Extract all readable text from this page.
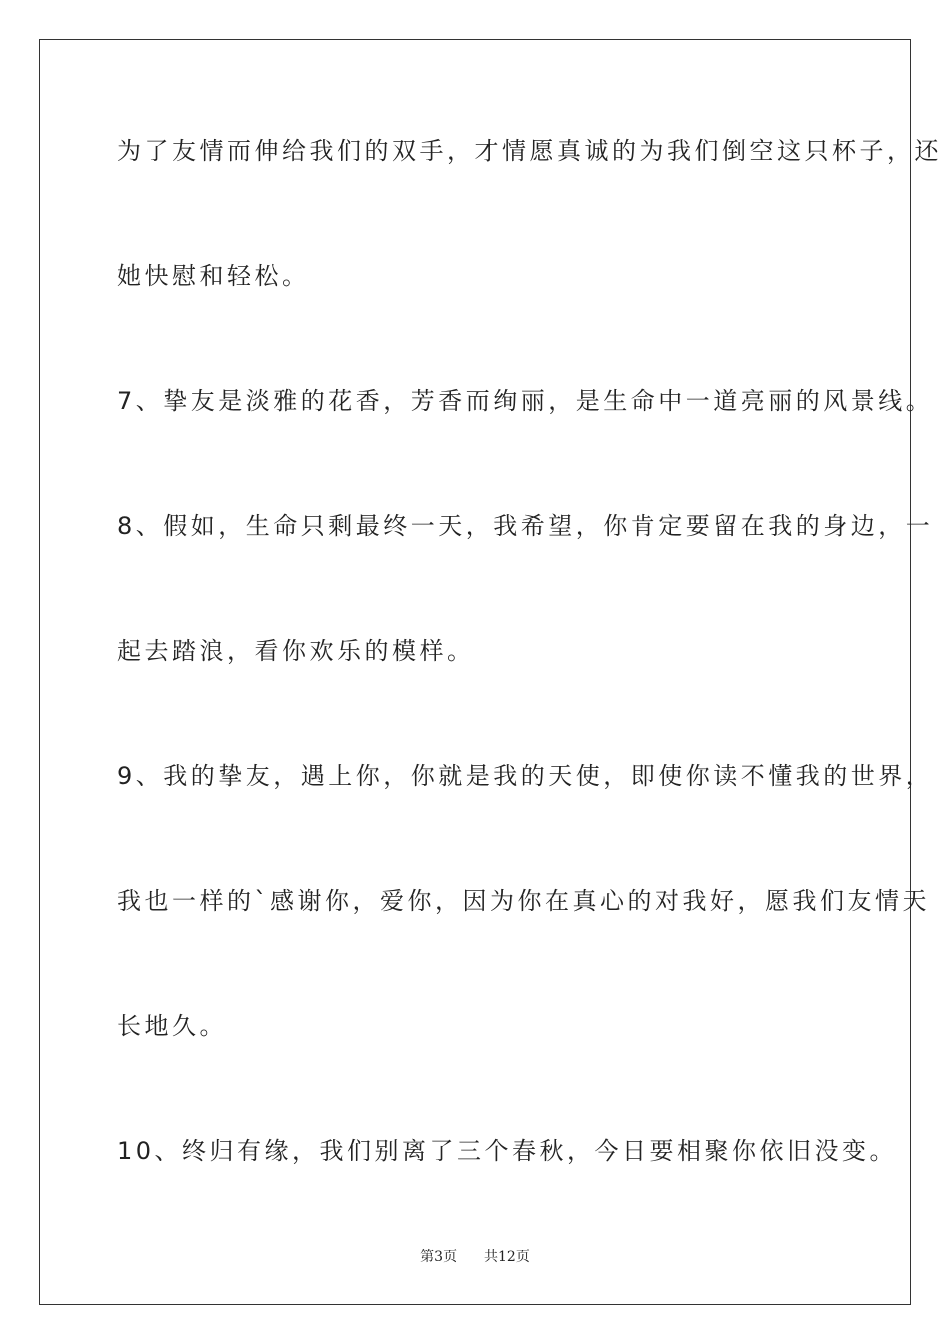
为了友情而伸给我们的双手，才情愿真诚的为我们倒空这只杯子，还
她快慰和轻松。
7、挚友是淡雅的花香，芳香而绚丽，是生命中一道亮丽的风景线。
8、假如，生命只剩最终一天，我希望，你肯定要留在我的身边，一
起去踏浪，看你欢乐的模样。
9、我的挚友，遇上你，你就是我的天使，即使你读不懂我的世界，
我也一样的`感谢你，爱你，因为你在真心的对我好，愿我们友情天
长地久。
10、终归有缘，我们别离了三个春秋，今日要相聚你依旧没变。
第3页 共12页
